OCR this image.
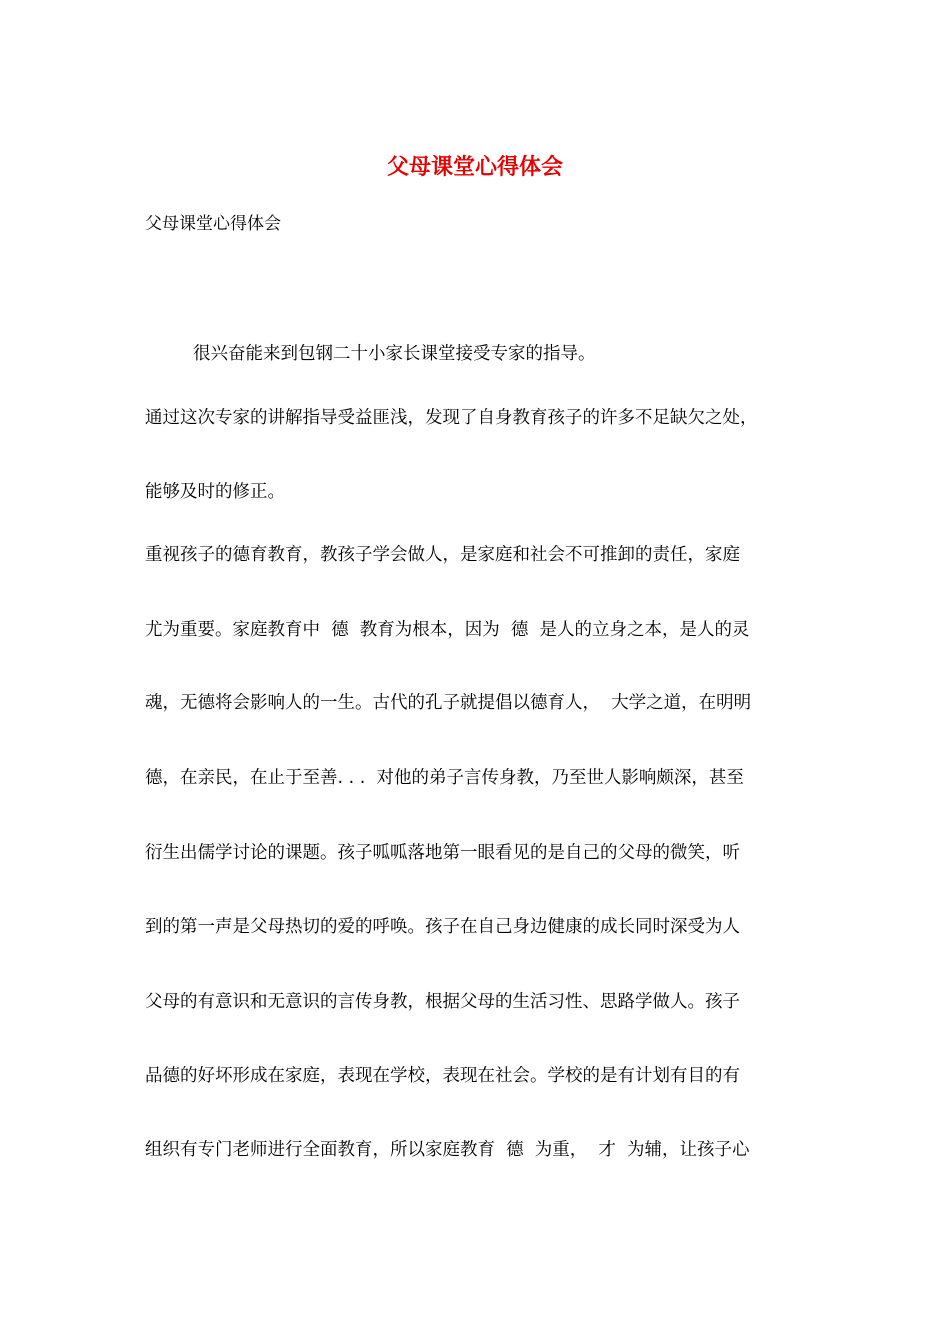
父母课堂心得体会
父母课堂心得体会
很兴奋能来到包钢二十小家长课堂接受专家的指导。
通过这次专家的讲解指导受益匪浅，发现了自身教育孩子的许多不足缺欠之处，
能够及时的修正。
重视孩子的德育教育，教孩子学会做人，是家庭和社会不可推卸的责任，家庭
尤为重要。家庭教育中  德  教育为根本，因为  德  是人的立身之本，是人的灵
魂，无德将会影响人的一生。古代的孔子就提倡以德育人，  大学之道，在明明
德，在亲民，在止于至善. . .  对他的弟子言传身教，乃至世人影响颇深，甚至
衍生出儒学讨论的课题。孩子呱呱落地第一眼看见的是自己的父母的微笑，听
到的第一声是父母热切的爱的呼唤。孩子在自己身边健康的成长同时深受为人
父母的有意识和无意识的言传身教，根据父母的生活习性、思路学做人。孩子
品德的好坏形成在家庭，表现在学校，表现在社会。学校的是有计划有目的有
组织有专门老师进行全面教育，所以家庭教育  德  为重，  才  为辅，让孩子心
